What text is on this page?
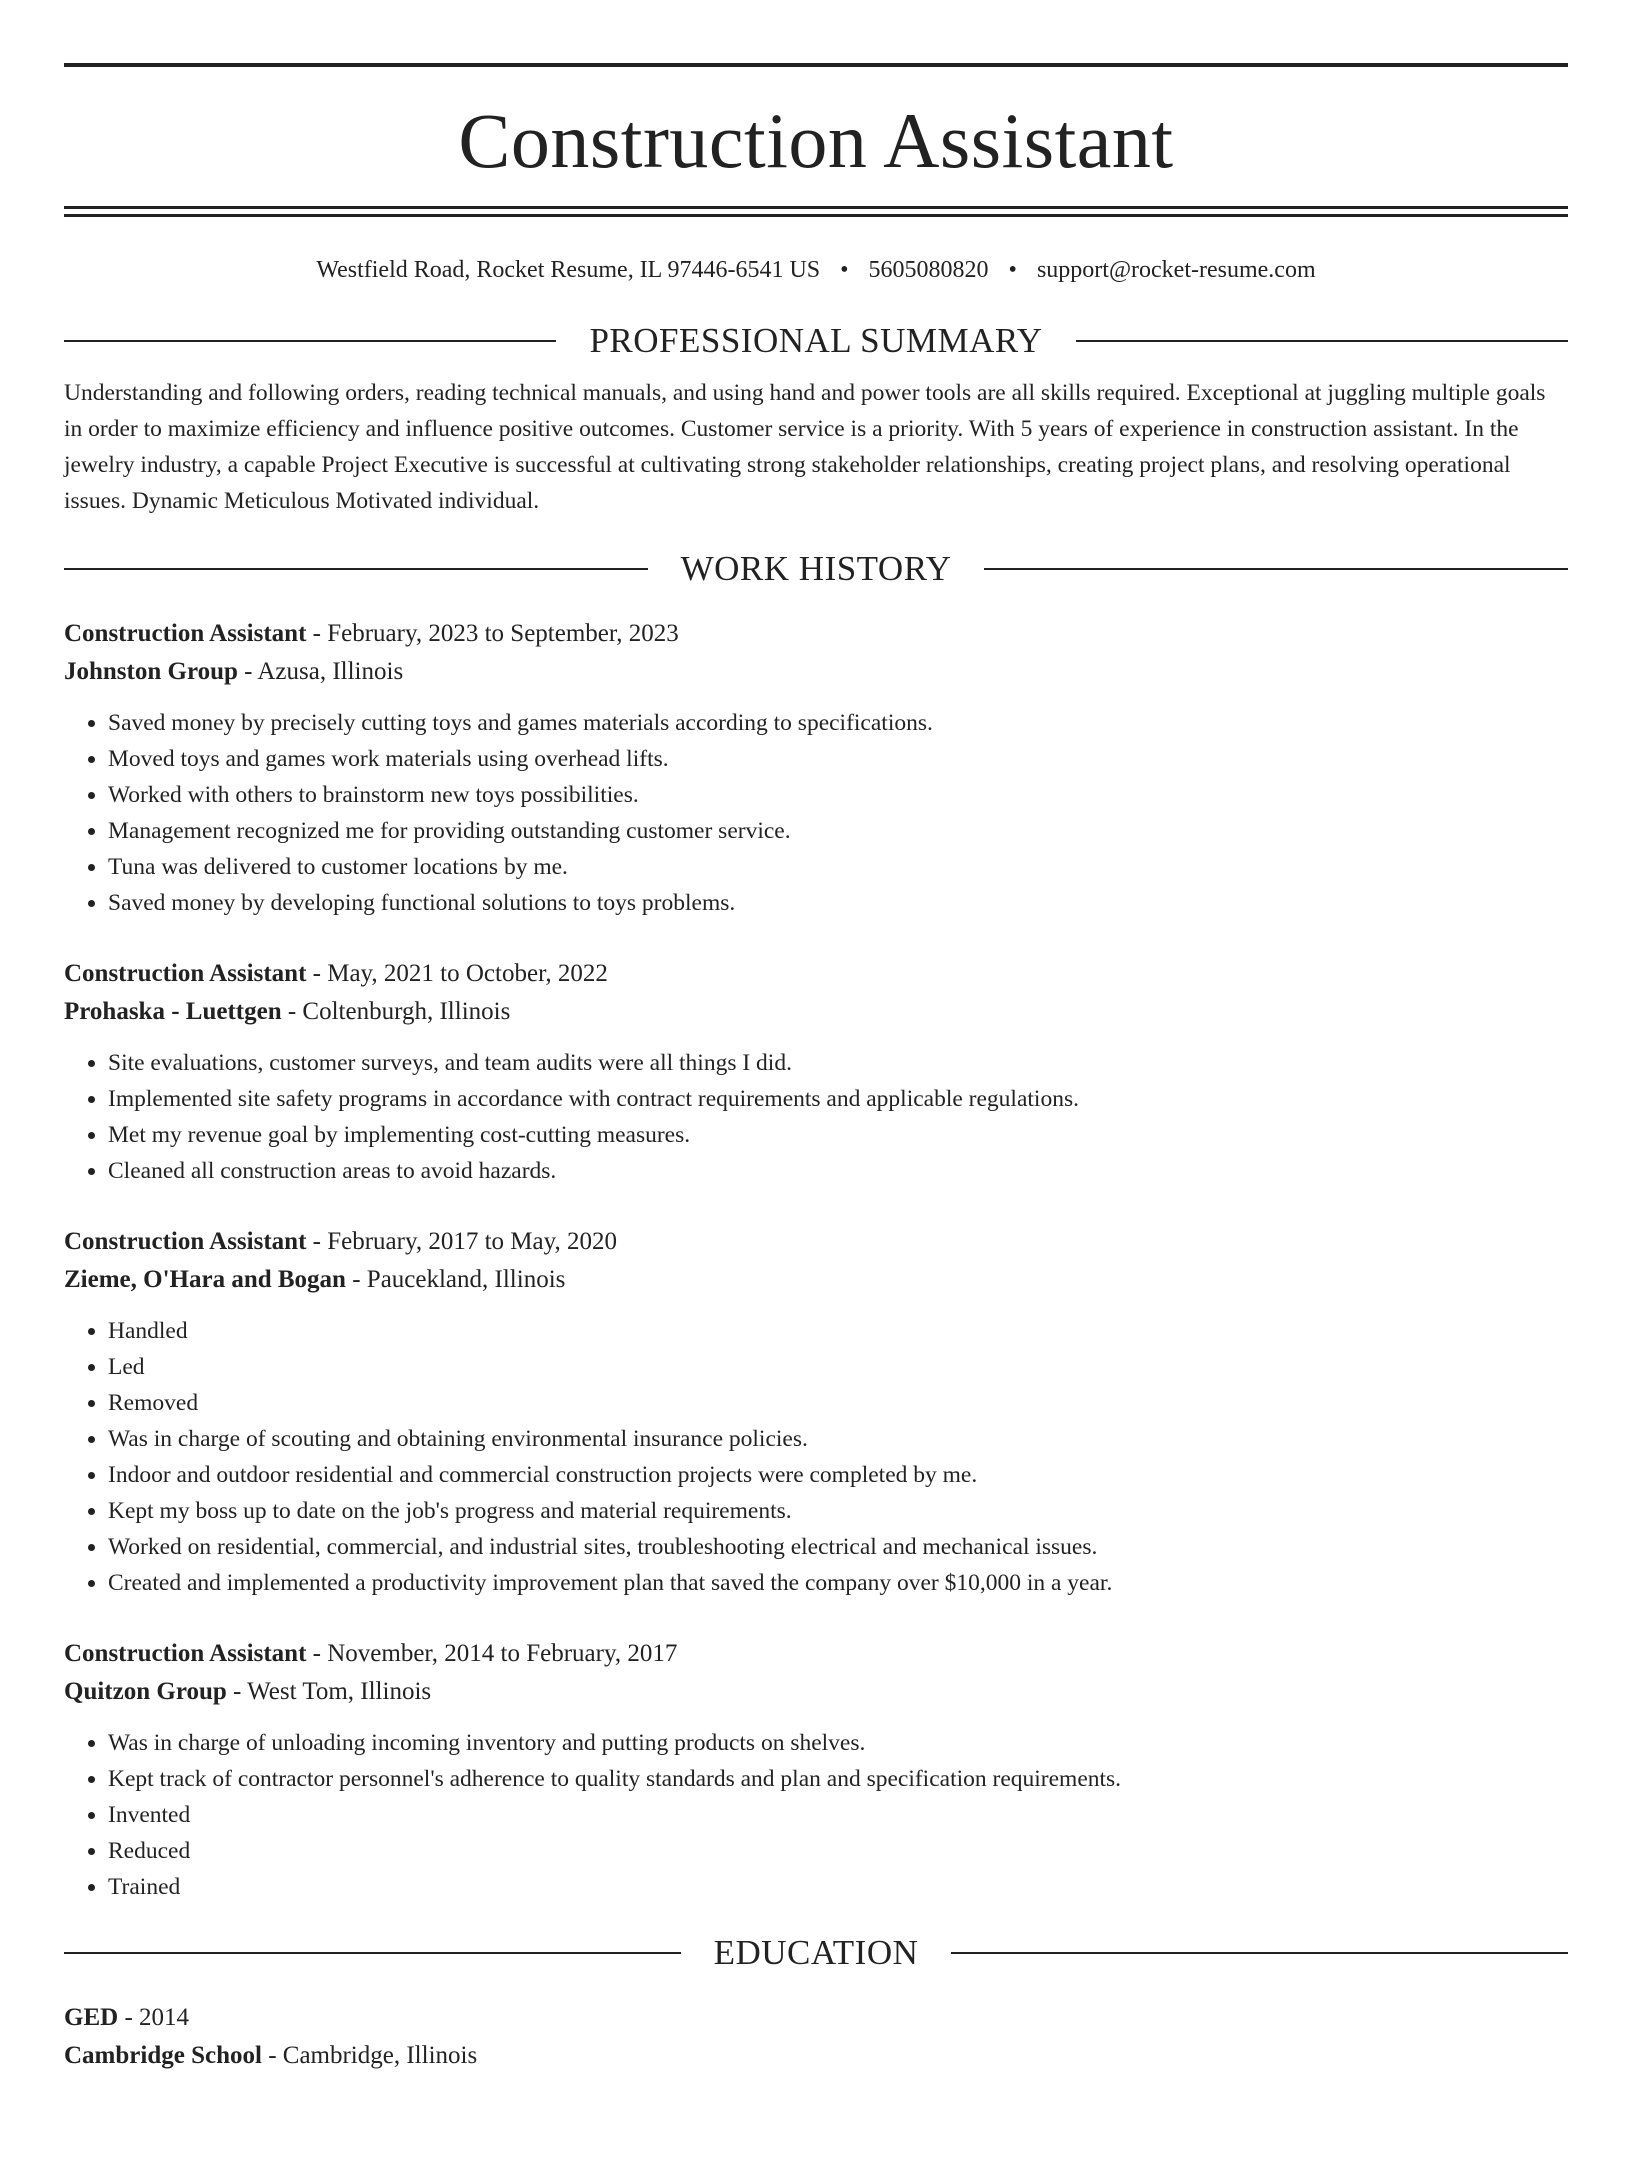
Construction Assistant
Westfield Road, Rocket Resume, IL 97446-6541 US • 5605080820 • support@rocket-resume.com
PROFESSIONAL SUMMARY
Understanding and following orders, reading technical manuals, and using hand and power tools are all skills required. Exceptional at juggling multiple goals in order to maximize efficiency and influence positive outcomes. Customer service is a priority. With 5 years of experience in construction assistant. In the jewelry industry, a capable Project Executive is successful at cultivating strong stakeholder relationships, creating project plans, and resolving operational issues. Dynamic Meticulous Motivated individual.
WORK HISTORY
Construction Assistant - February, 2023 to September, 2023
Johnston Group - Azusa, Illinois
• Saved money by precisely cutting toys and games materials according to specifications.
• Moved toys and games work materials using overhead lifts.
• Worked with others to brainstorm new toys possibilities.
• Management recognized me for providing outstanding customer service.
• Tuna was delivered to customer locations by me.
• Saved money by developing functional solutions to toys problems.
Construction Assistant - May, 2021 to October, 2022
Prohaska - Luettgen - Coltenburgh, Illinois
• Site evaluations, customer surveys, and team audits were all things I did.
• Implemented site safety programs in accordance with contract requirements and applicable regulations.
• Met my revenue goal by implementing cost-cutting measures.
• Cleaned all construction areas to avoid hazards.
Construction Assistant - February, 2017 to May, 2020
Zieme, O'Hara and Bogan - Paucekland, Illinois
• Handled
• Led
• Removed
• Was in charge of scouting and obtaining environmental insurance policies.
• Indoor and outdoor residential and commercial construction projects were completed by me.
• Kept my boss up to date on the job's progress and material requirements.
• Worked on residential, commercial, and industrial sites, troubleshooting electrical and mechanical issues.
• Created and implemented a productivity improvement plan that saved the company over $10,000 in a year.
Construction Assistant - November, 2014 to February, 2017
Quitzon Group - West Tom, Illinois
• Was in charge of unloading incoming inventory and putting products on shelves.
• Kept track of contractor personnel's adherence to quality standards and plan and specification requirements.
• Invented
• Reduced
• Trained
EDUCATION
GED - 2014
Cambridge School - Cambridge, Illinois
